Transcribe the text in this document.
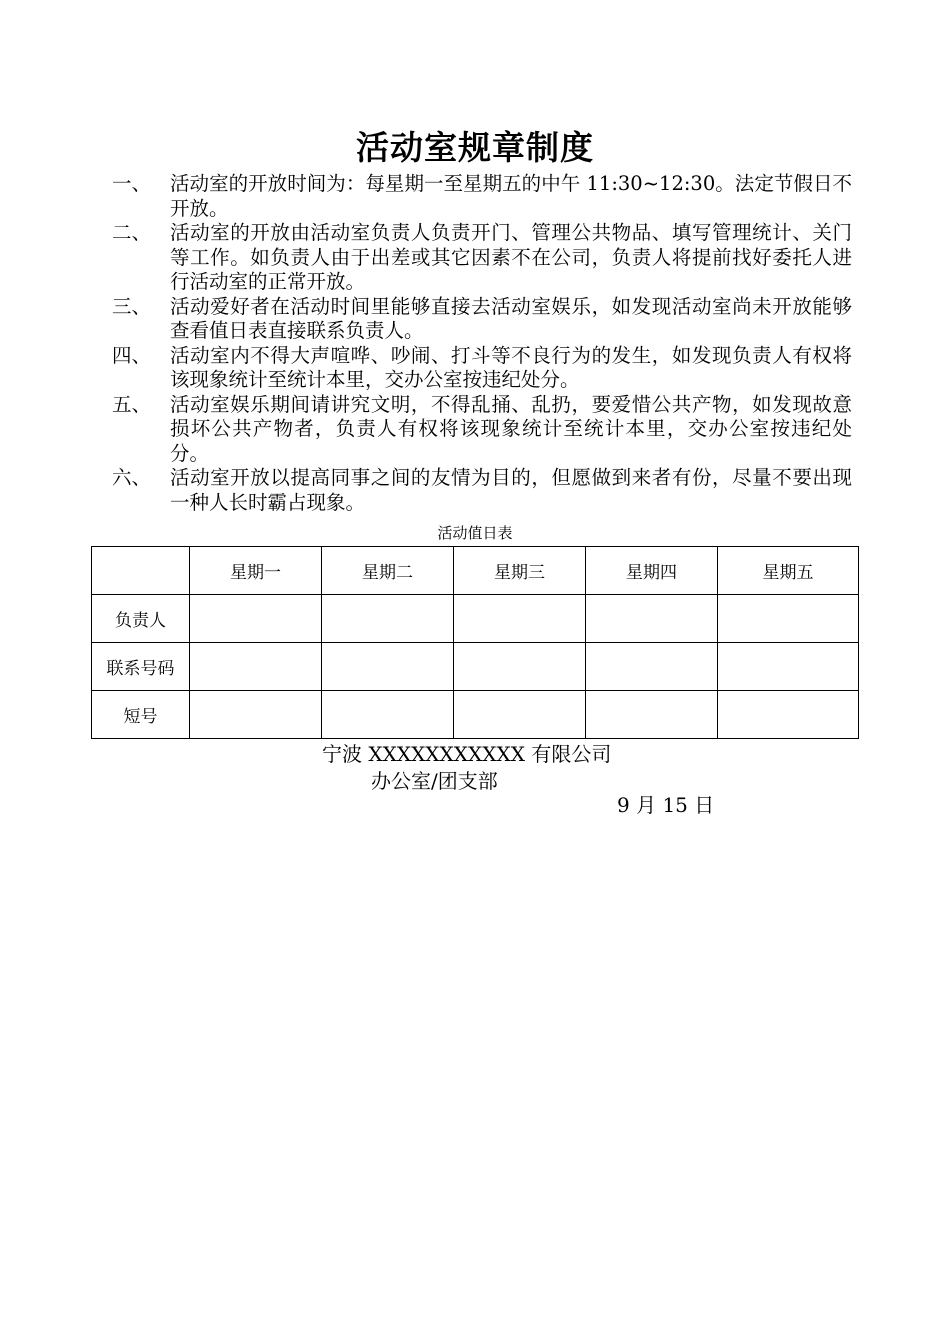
活动室规章制度
一、 活动室的开放时间为：每星期一至星期五的中午 11:30~12:30。法定节假日不开放。
二、 活动室的开放由活动室负责人负责开门、管理公共物品、填写管理统计、关门等工作。如负责人由于出差或其它因素不在公司，负责人将提前找好委托人进行活动室的正常开放。
三、 活动爱好者在活动时间里能够直接去活动室娱乐，如发现活动室尚未开放能够查看值日表直接联系负责人。
四、 活动室内不得大声喧哗、吵闹、打斗等不良行为的发生，如发现负责人有权将该现象统计至统计本里，交办公室按违纪处分。
五、 活动室娱乐期间请讲究文明，不得乱捅、乱扔，要爱惜公共产物，如发现故意损坏公共产物者，负责人有权将该现象统计至统计本里，交办公室按违纪处分。
六、 活动室开放以提高同事之间的友情为目的，但愿做到来者有份，尽量不要出现一种人长时霸占现象。
活动值日表
	星期一	星期二	星期三	星期四	星期五
负责人					
联系号码					
短号					
宁波 XXXXXXXXXXX 有限公司
办公室/团支部
9 月 15 日
